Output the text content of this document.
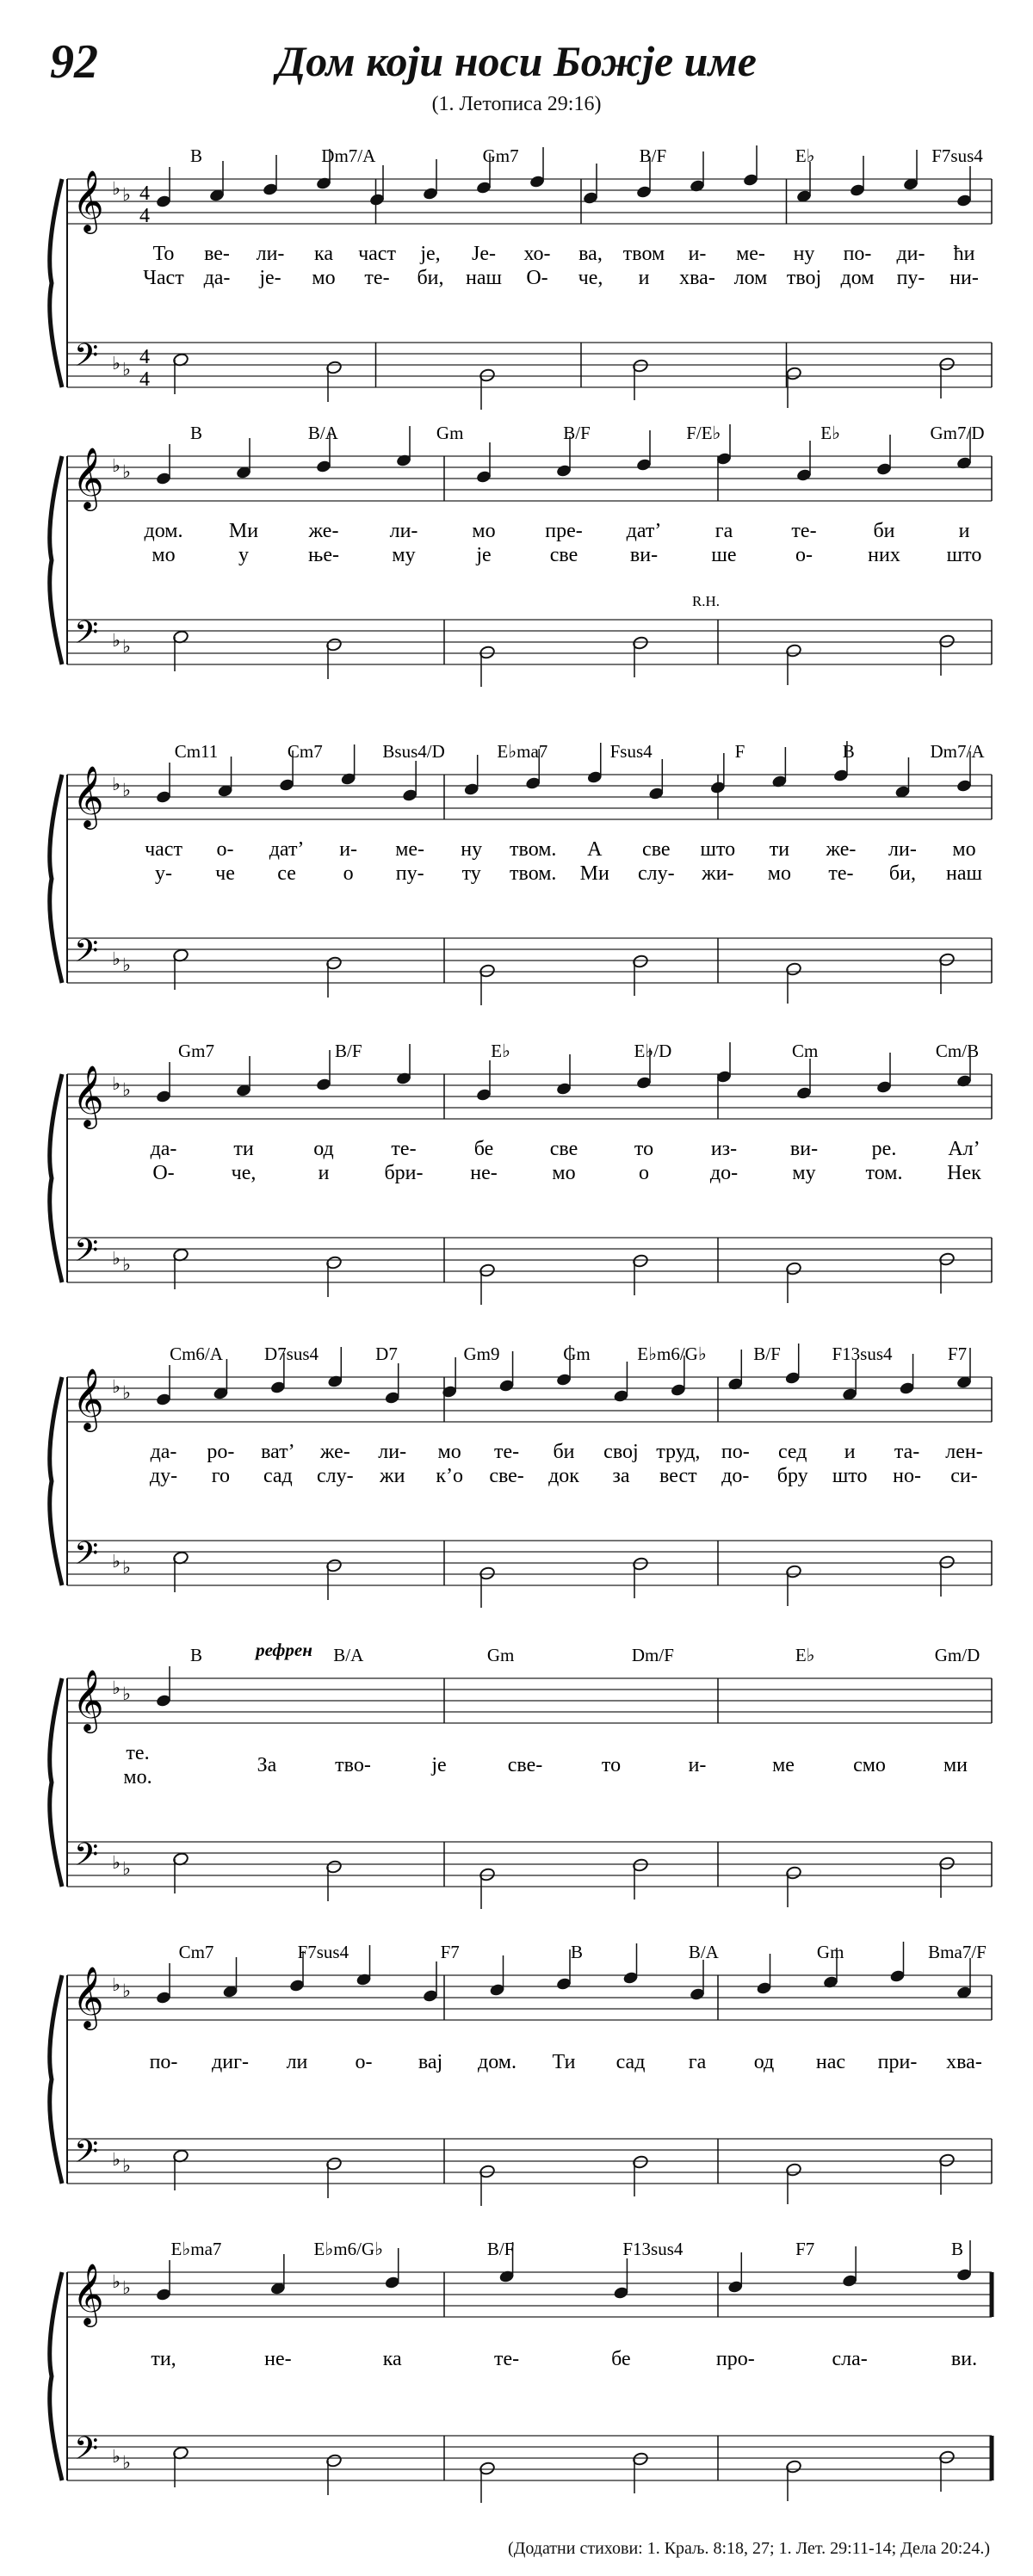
92	Дом који носи Божје име
(1. Летописа 29:16)
𝄞
𝄢
♭ ♭
♭ ♭
4
4
4
4
B	Dm7/A	Gm7	B/F	E♭	F7sus4
То ве- ли- ка част је, Је- хо- ва, твом и- ме- ну по- ди- ћи
Част да- је- мо те- би, наш О- че, и хва- лом твој дом пу- ни-
𝄞
𝄢
♭ ♭
♭ ♭
B	B/A	Gm	B/F	F/E♭	E♭	Gm7/D
R.H.
дом. Ми же- ли-	мо пре- дат’	га	те-	би	и
мо	у	ње-	му	је	све	ви-	ше	о-	них што
𝄞
𝄢
♭ ♭
♭ ♭
Cm11	Cm7	Bsus4/D	E♭ma7	Fsus4	F	B	Dm7/A
част о- дат’ и- ме- ну твом. А све што ти же- ли- мо
у- че се о пу- ту твом. Ми слу- жи- мо те- би, наш
𝄞
𝄢
♭ ♭
♭ ♭
Gm7	B/F	E♭	E♭/D	Cm	Cm/B
да-	ти	од	те-	бе	све	то	из-	ви-	ре.	Ал’
О-	че,	и	бри- не-	мо	о	до-	му том. Нек
𝄞
𝄢
♭ ♭
♭ ♭
Cm6/A D7sus4	D7	Gm9	Gm	E♭m6/G♭	B/F	F13sus4	F7
да- ро- ват’ же- ли- мо те- би свој труд, по- сед и та- лен-
ду- го сад слу- жи к’о све- док за вест до- бру што но- си-
𝄞
𝄢
♭ ♭
♭ ♭
B	B/A	Gm	Dm/F	E♭	Gm/D
рефрен
те.
мо.
За	тво-	је	све-	то	и-	ме	смо	ми
𝄞
𝄢
♭ ♭
♭ ♭
Cm7	F7sus4	F7	B	B/A	Gm	Bma7/F
по- диг- ли о- вај дом. Ти сад га од нас при- хва-
𝄞
𝄢
♭ ♭
♭ ♭
E♭ma7	E♭m6/G♭	B/F	F13sus4	F7	B
ти,	не-	ка	те-	бе	про-	сла-	ви.
(Додатни стихови: 1. Краљ. 8:18, 27; 1. Лет. 29:11-14; Дела 20:24.)
